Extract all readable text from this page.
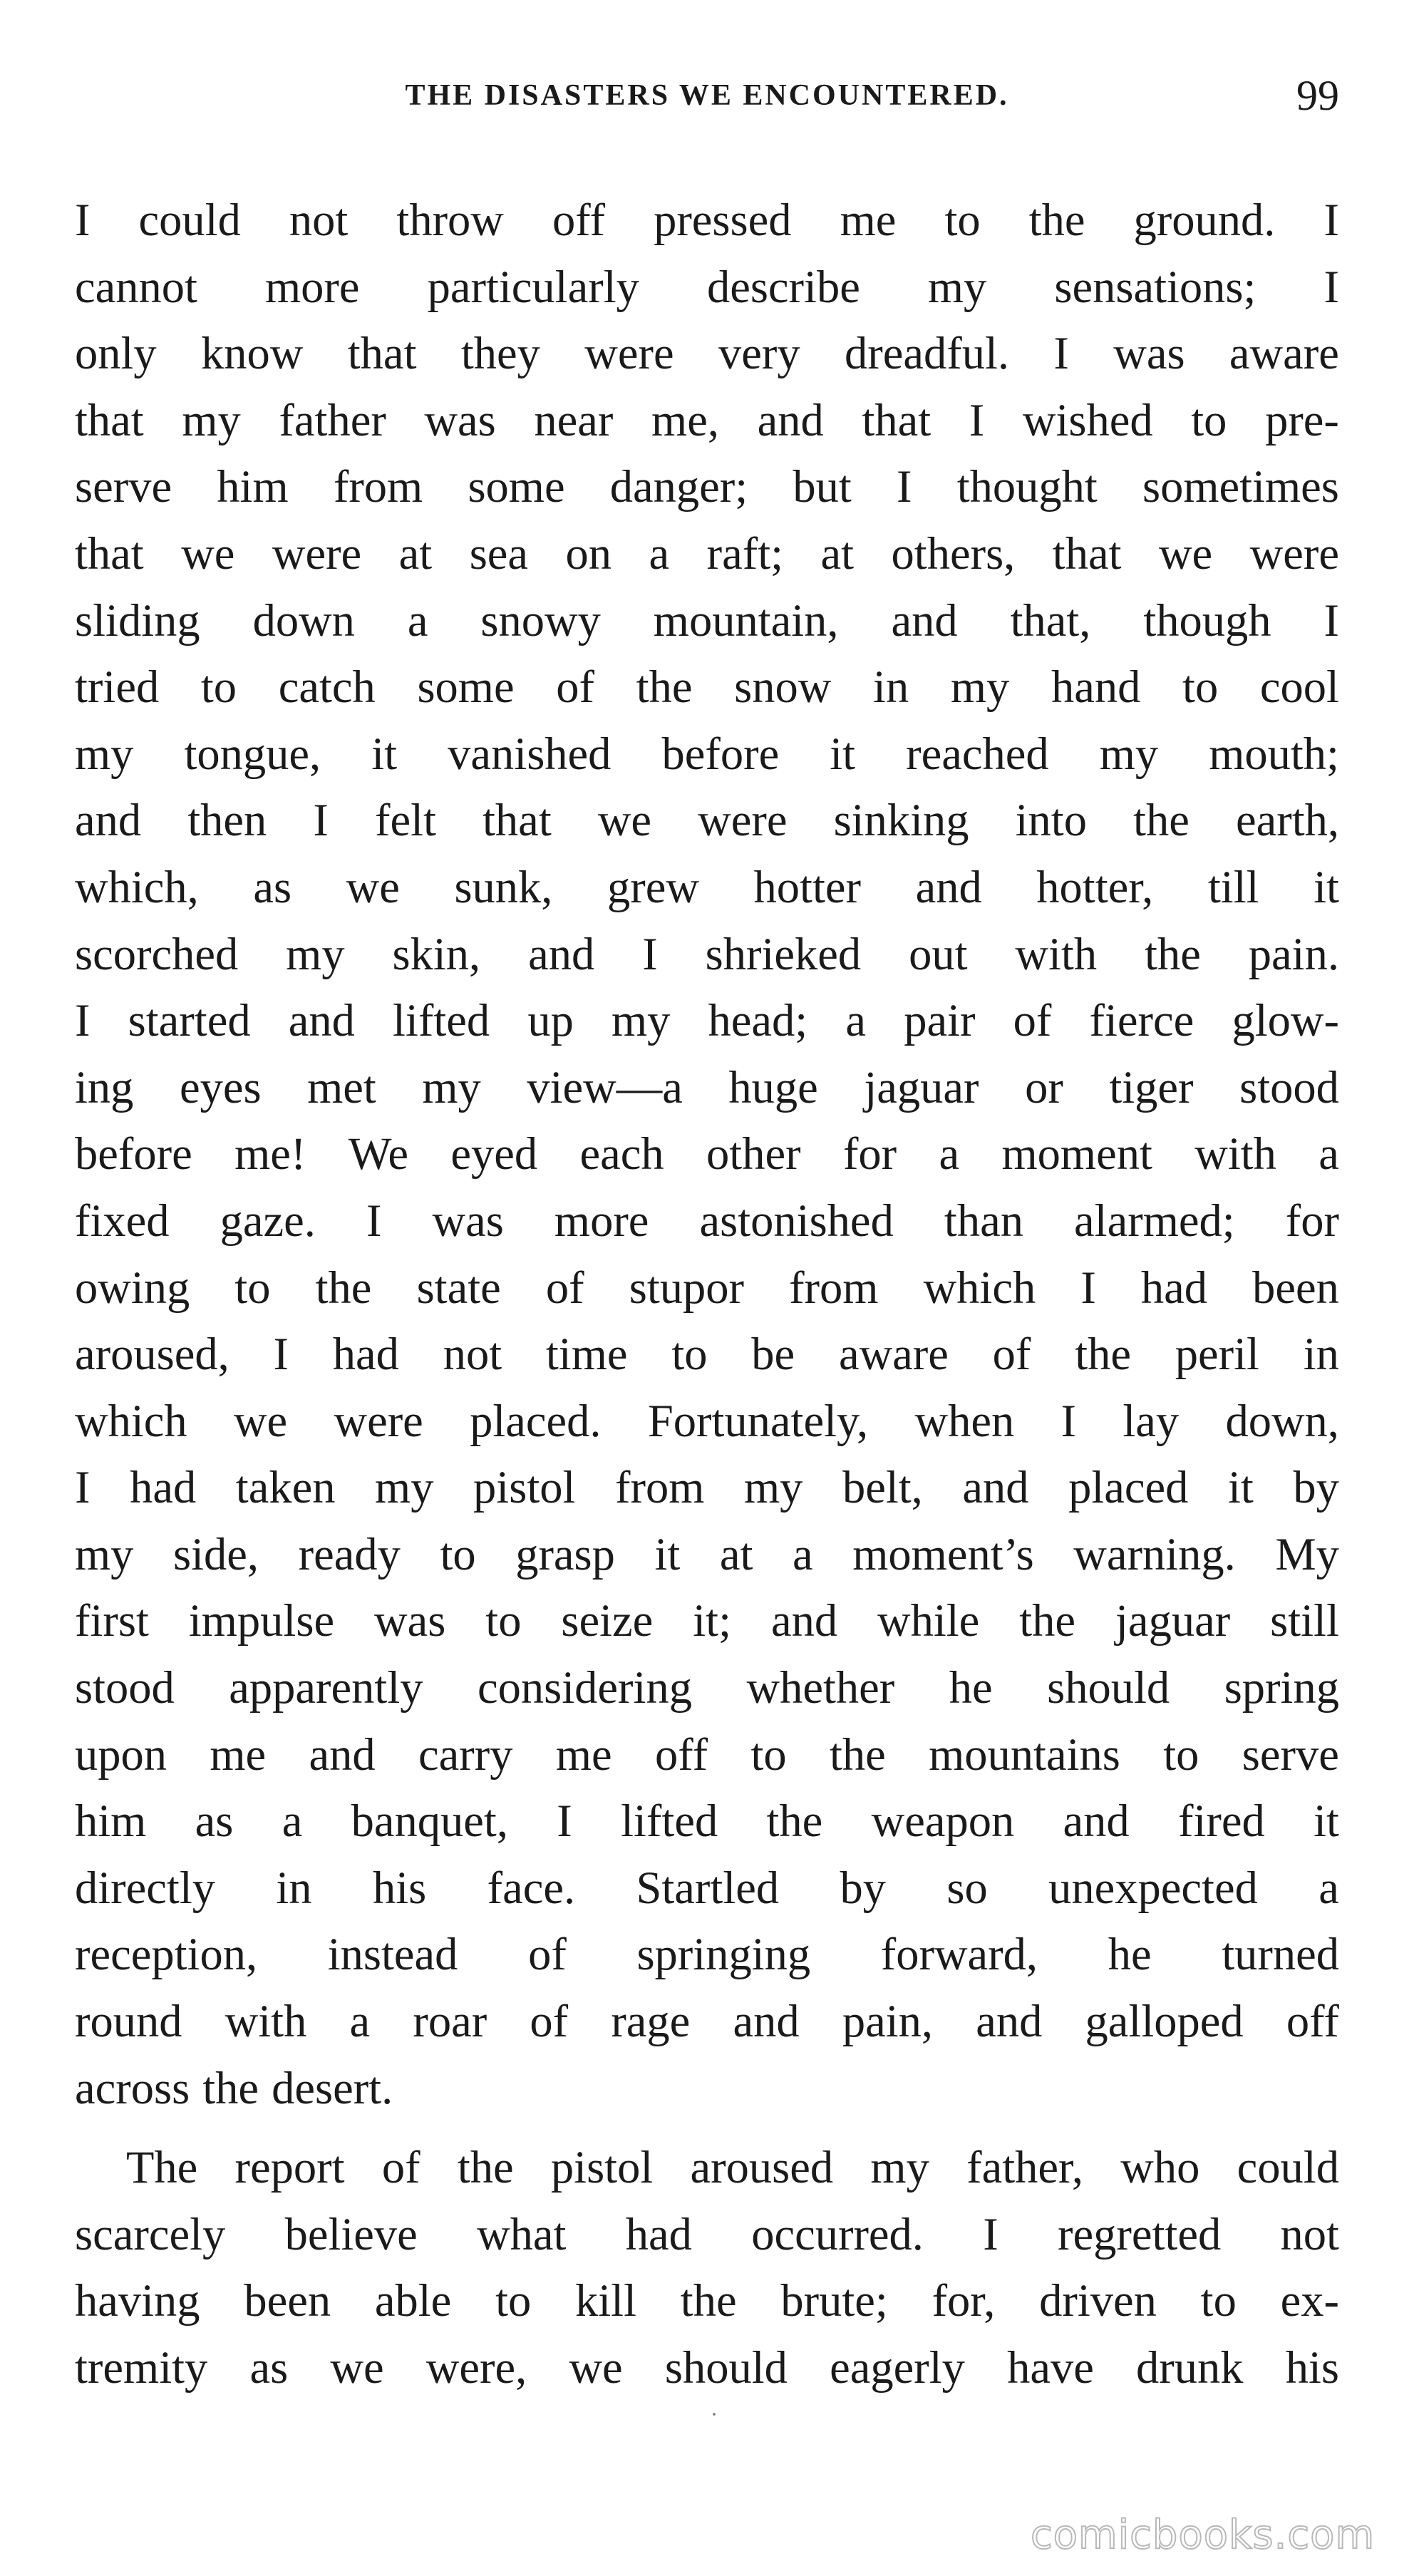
THE DISASTERS WE ENCOUNTERED.	99
I could not throw off pressed me to the ground. I
cannot more particularly describe my sensations; I
only know that they were very dreadful. I was aware
that my father was near me, and that I wished to pre-
serve him from some danger; but I thought sometimes
that we were at sea on a raft; at others, that we were
sliding down a snowy mountain, and that, though I
tried to catch some of the snow in my hand to cool
my tongue, it vanished before it reached my mouth;
and then I felt that we were sinking into the earth,
which, as we sunk, grew hotter and hotter, till it
scorched my skin, and I shrieked out with the pain.
I started and lifted up my head; a pair of fierce glow-
ing eyes met my view—a huge jaguar or tiger stood
before me! We eyed each other for a moment with a
fixed gaze. I was more astonished than alarmed; for
owing to the state of stupor from which I had been
aroused, I had not time to be aware of the peril in
which we were placed. Fortunately, when I lay down,
I had taken my pistol from my belt, and placed it by
my side, ready to grasp it at a moment’s warning. My
first impulse was to seize it; and while the jaguar still
stood apparently considering whether he should spring
upon me and carry me off to the mountains to serve
him as a banquet, I lifted the weapon and fired it
directly in his face. Startled by so unexpected a
reception, instead of springing forward, he turned
round with a roar of rage and pain, and galloped off
across the desert.
The report of the pistol aroused my father, who could
scarcely believe what had occurred. I regretted not
having been able to kill the brute; for, driven to ex-
tremity as we were, we should eagerly have drunk his
comicbooks.com
